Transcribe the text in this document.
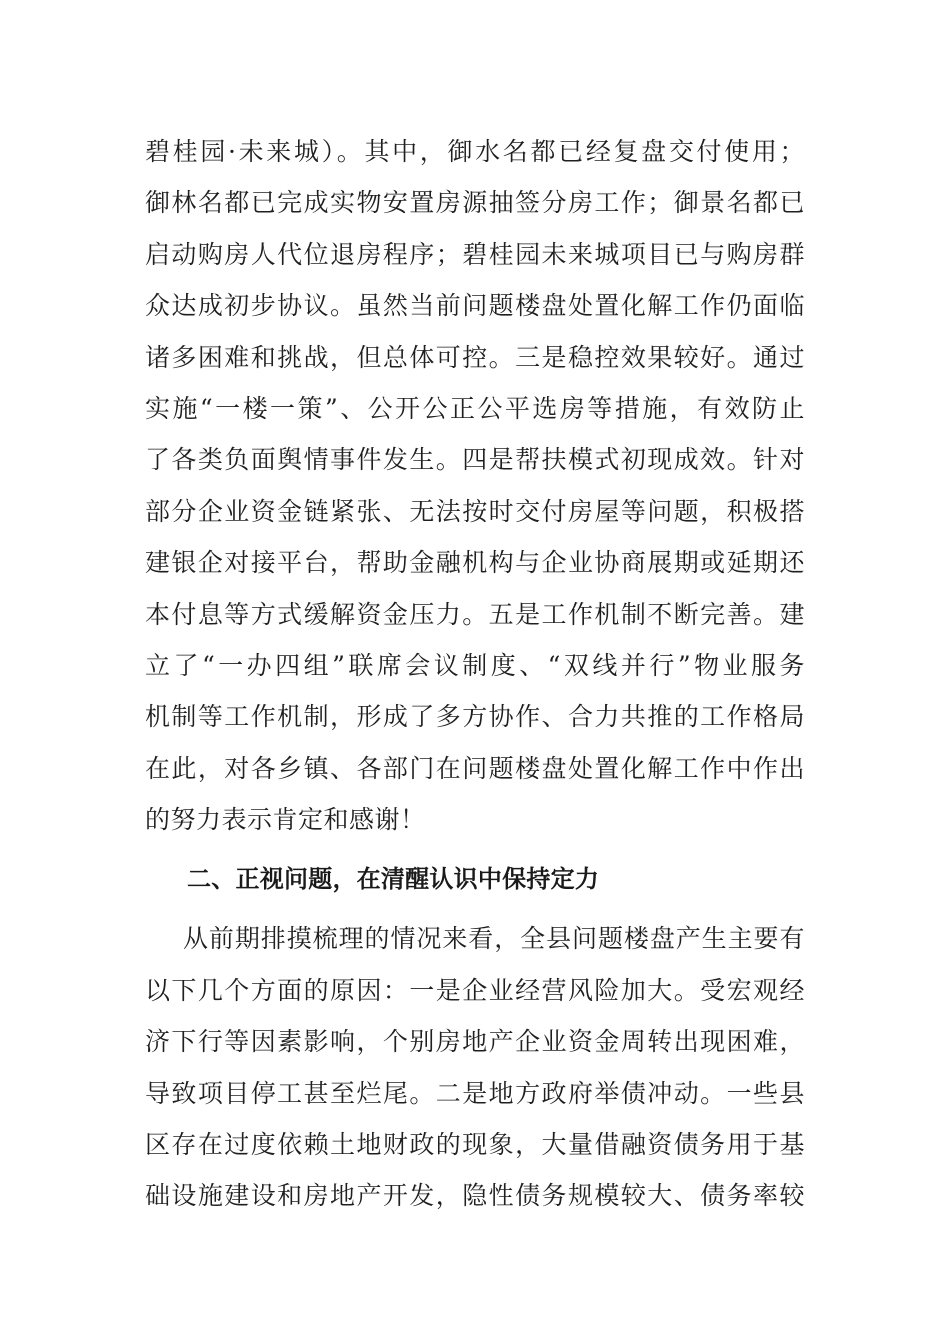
碧桂园·未来城）。其中，御水名都已经复盘交付使用；
御林名都已完成实物安置房源抽签分房工作；御景名都已
启动购房人代位退房程序；碧桂园未来城项目已与购房群
众达成初步协议。虽然当前问题楼盘处置化解工作仍面临
诸多困难和挑战，但总体可控。三是稳控效果较好。通过
实施“一楼一策”、公开公正公平选房等措施，有效防止
了各类负面舆情事件发生。四是帮扶模式初现成效。针对
部分企业资金链紧张、无法按时交付房屋等问题，积极搭
建银企对接平台，帮助金融机构与企业协商展期或延期还
本付息等方式缓解资金压力。五是工作机制不断完善。建
立了“一办四组”联席会议制度、“双线并行”物业服务
机制等工作机制，形成了多方协作、合力共推的工作格局
在此，对各乡镇、各部门在问题楼盘处置化解工作中作出
的努力表示肯定和感谢！
二、正视问题，在清醒认识中保持定力
从前期排摸梳理的情况来看，全县问题楼盘产生主要有
以下几个方面的原因：一是企业经营风险加大。受宏观经
济下行等因素影响，个别房地产企业资金周转出现困难，
导致项目停工甚至烂尾。二是地方政府举债冲动。一些县
区存在过度依赖土地财政的现象，大量借融资债务用于基
础设施建设和房地产开发，隐性债务规模较大、债务率较
